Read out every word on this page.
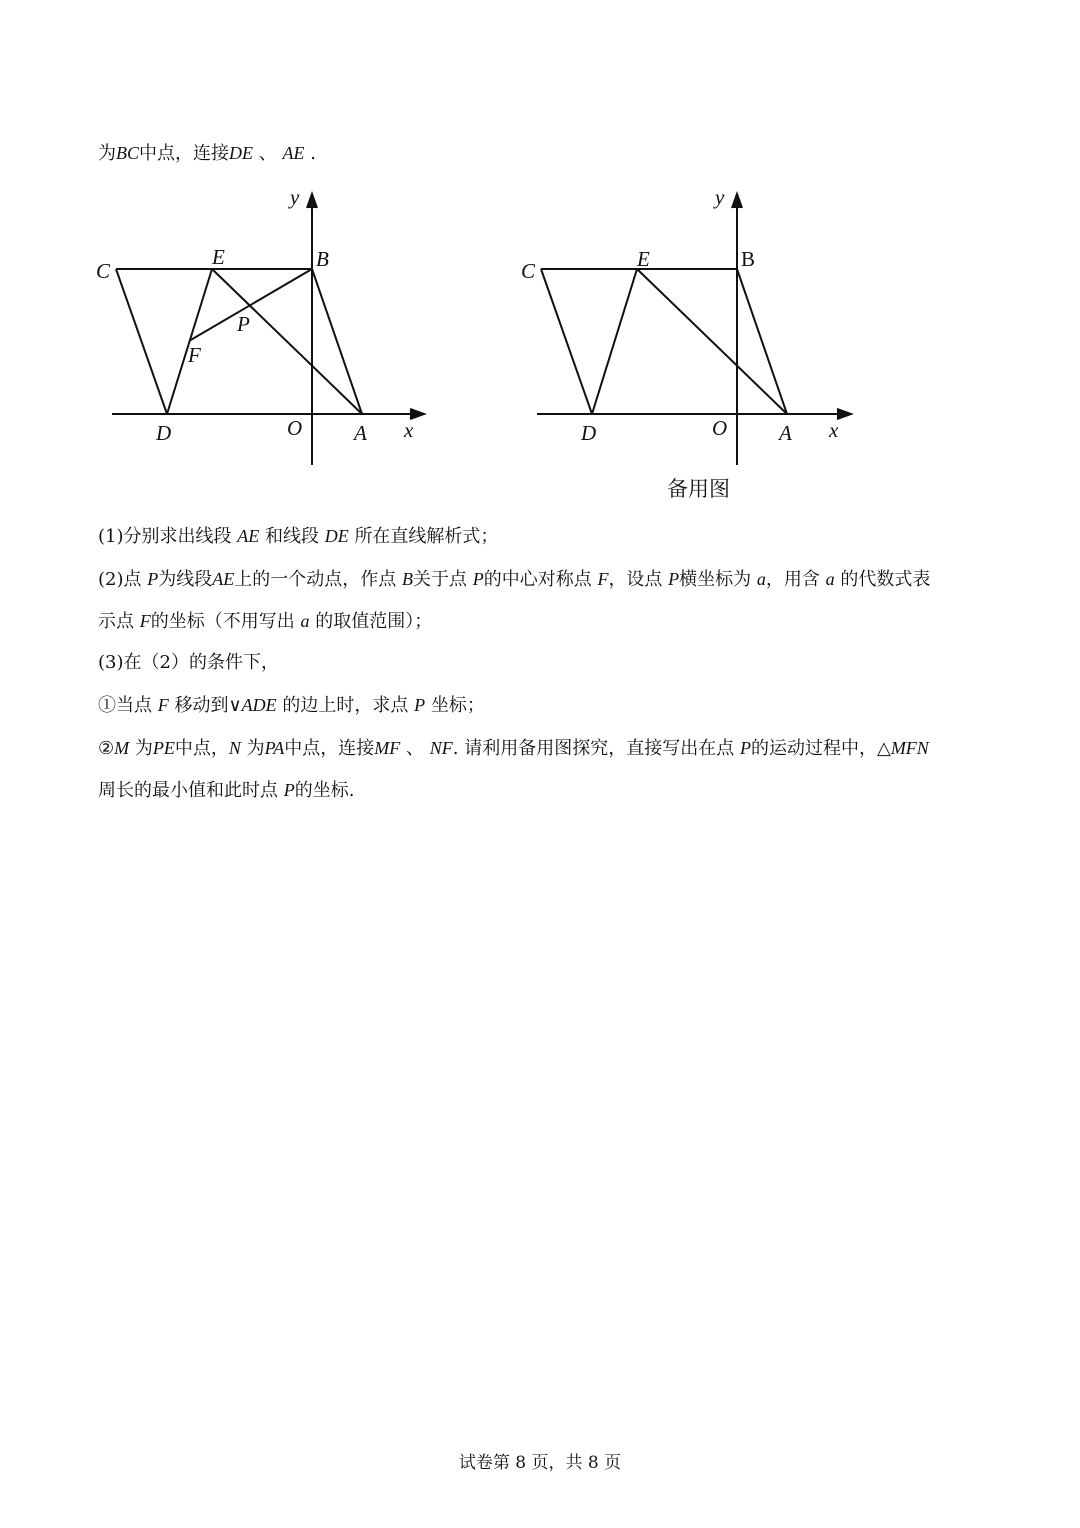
为BC中点，连接DE 、 AE .
C
E	B
P
F
D	O A x
y
C	E	B
D	O A x
y
备用图
(1)分别求出线段 AE 和线段 DE 所在直线解析式；
(2)点 P为线段AE上的一个动点，作点 B关于点 P的中心对称点 F，设点 P横坐标为 a，用含 a 的代数式表
示点 F的坐标（不用写出 a 的取值范围）；
(3)在（2）的条件下，
①当点 F 移动到∨ADE 的边上时，求点 P 坐标；
②M 为PE中点，N 为PA中点，连接MF 、 NF. 请利用备用图探究，直接写出在点 P的运动过程中，△MFN
周长的最小值和此时点 P的坐标.
试卷第 8 页，共 8 页
